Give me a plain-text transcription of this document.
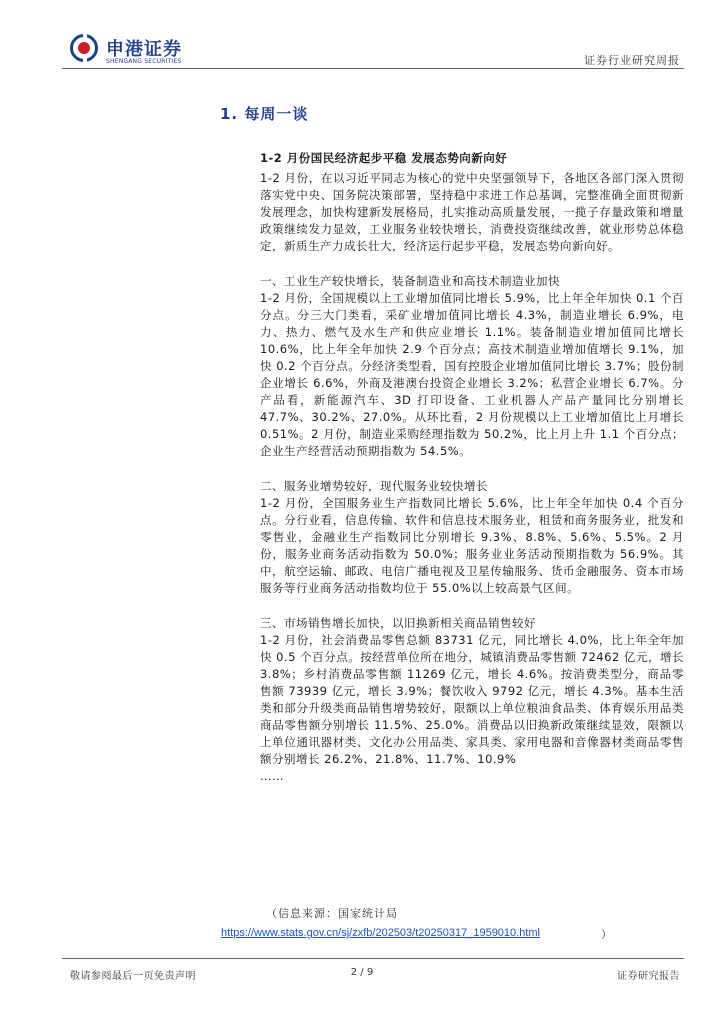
申港证券
SHENGANG SECURITIES	证券行业研究周报
1. 每周一谈

1-2 月份国民经济起步平稳 发展态势向新向好

1-2 月份，在以习近平同志为核心的党中央坚强领导下，各地区各部门深入贯彻落实党中央、国务院决策部署，坚持稳中求进工作总基调，完整准确全面贯彻新发展理念，加快构建新发展格局，扎实推动高质量发展，一揽子存量政策和增量政策继续发力显效，工业服务业较快增长，消费投资继续改善，就业形势总体稳定，新质生产力成长壮大，经济运行起步平稳，发展态势向新向好。

一、工业生产较快增长，装备制造业和高技术制造业加快

1-2 月份，全国规模以上工业增加值同比增长 5.9%，比上年全年加快 0.1 个百分点。分三大门类看，采矿业增加值同比增长 4.3%，制造业增长 6.9%，电力、热力、燃气及水生产和供应业增长 1.1%。装备制造业增加值同比增长 10.6%，比上年全年加快 2.9 个百分点；高技术制造业增加值增长 9.1%，加快 0.2 个百分点。分经济类型看，国有控股企业增加值同比增长 3.7%；股份制企业增长 6.6%，外商及港澳台投资企业增长 3.2%；私营企业增长 6.7%。分产品看，新能源汽车、3D 打印设备、工业机器人产品产量同比分别增长 47.7%、30.2%、27.0%。从环比看，2 月份规模以上工业增加值比上月增长 0.51%。2 月份，制造业采购经理指数为 50.2%，比上月上升 1.1 个百分点；企业生产经营活动预期指数为 54.5%。

二、服务业增势较好，现代服务业较快增长

1-2 月份，全国服务业生产指数同比增长 5.6%，比上年全年加快 0.4 个百分点。分行业看，信息传输、软件和信息技术服务业，租赁和商务服务业，批发和零售业，金融业生产指数同比分别增长 9.3%、8.8%、5.6%、5.5%。2 月份，服务业商务活动指数为 50.0%；服务业业务活动预期指数为 56.9%。其中，航空运输、邮政、电信广播电视及卫星传输服务、货币金融服务、资本市场服务等行业商务活动指数均位于 55.0%以上较高景气区间。

三、市场销售增长加快，以旧换新相关商品销售较好

1-2 月份，社会消费品零售总额 83731 亿元，同比增长 4.0%，比上年全年加快 0.5 个百分点。按经营单位所在地分，城镇消费品零售额 72462 亿元，增长 3.8%；乡村消费品零售额 11269 亿元，增长 4.6%。按消费类型分，商品零售额 73939 亿元，增长 3.9%；餐饮收入 9792 亿元，增长 4.3%。基本生活类和部分升级类商品销售增势较好，限额以上单位粮油食品类、体育娱乐用品类商品零售额分别增长 11.5%、25.0%。消费品以旧换新政策继续显效，限额以上单位通讯器材类、文化办公用品类、家具类、家用电器和音像器材类商品零售额分别增长 26.2%、21.8%、11.7%、10.9%

……

（信息来源：国家统计局
https://www.stats.gov.cn/sj/zxfb/202503/t20250317_1959010.html	）
敬请参阅最后一页免责声明	2 / 9	证券研究报告
